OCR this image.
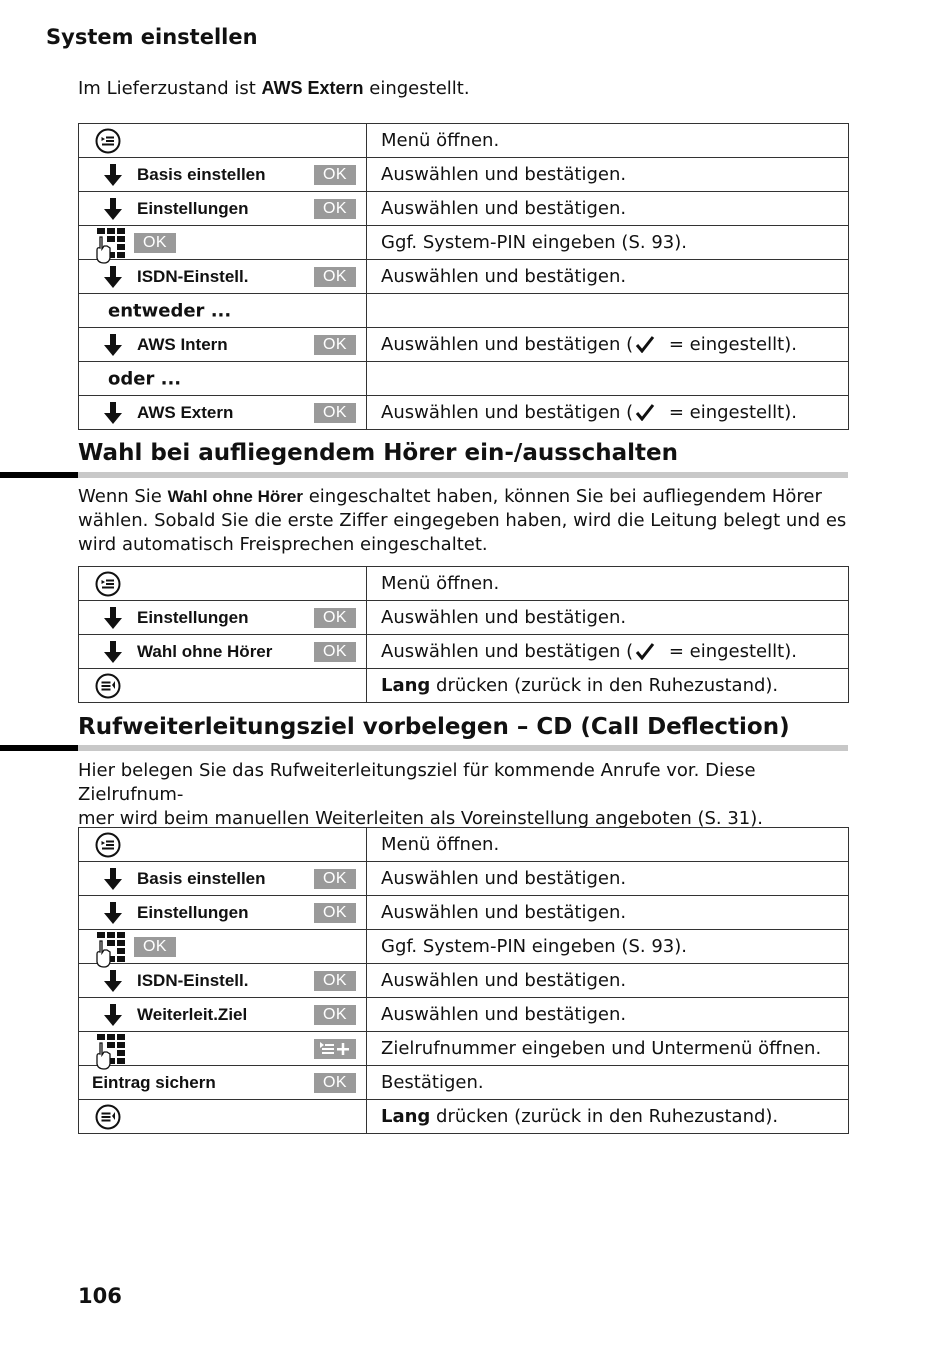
System einstellen
Im Lieferzustand ist AWS Extern eingestellt.
	Menü öffnen.

Basis einstellen OK	Auswählen und bestätigen.

Einstellungen OK	Auswählen und bestätigen.

OK	Ggf. System-PIN eingeben (S. 93).

ISDN-Einstell. OK	Auswählen und bestätigen.

entweder ...	

AWS Intern OK	Auswählen und bestätigen ( = eingestellt).

oder ...	

AWS Extern OK	Auswählen und bestätigen ( = eingestellt).
Wahl bei aufliegendem Hörer ein-/ausschalten
Wenn Sie Wahl ohne Hörer eingeschaltet haben, können Sie bei aufliegendem Hörer wählen. Sobald Sie die erste Ziffer eingegeben haben, wird die Leitung belegt und es wird automatisch Freisprechen eingeschaltet.
	Menü öffnen.

Einstellungen OK	Auswählen und bestätigen.

Wahl ohne Hörer OK	Auswählen und bestätigen ( = eingestellt).

	Lang drücken (zurück in den Ruhezustand).
Rufweiterleitungsziel vorbelegen – CD (Call Deflection)
Hier belegen Sie das Rufweiterleitungsziel für kommende Anrufe vor. Diese Zielrufnum-
mer wird beim manuellen Weiterleiten als Voreinstellung angeboten (S. 31).
	Menü öffnen.

Basis einstellen OK	Auswählen und bestätigen.

Einstellungen OK	Auswählen und bestätigen.

OK	Ggf. System-PIN eingeben (S. 93).

ISDN-Einstell. OK	Auswählen und bestätigen.

Weiterleit.Ziel OK	Auswählen und bestätigen.

	Zielrufnummer eingeben und Untermenü öffnen.

Eintrag sichern OK	Bestätigen.

	Lang drücken (zurück in den Ruhezustand).
106
